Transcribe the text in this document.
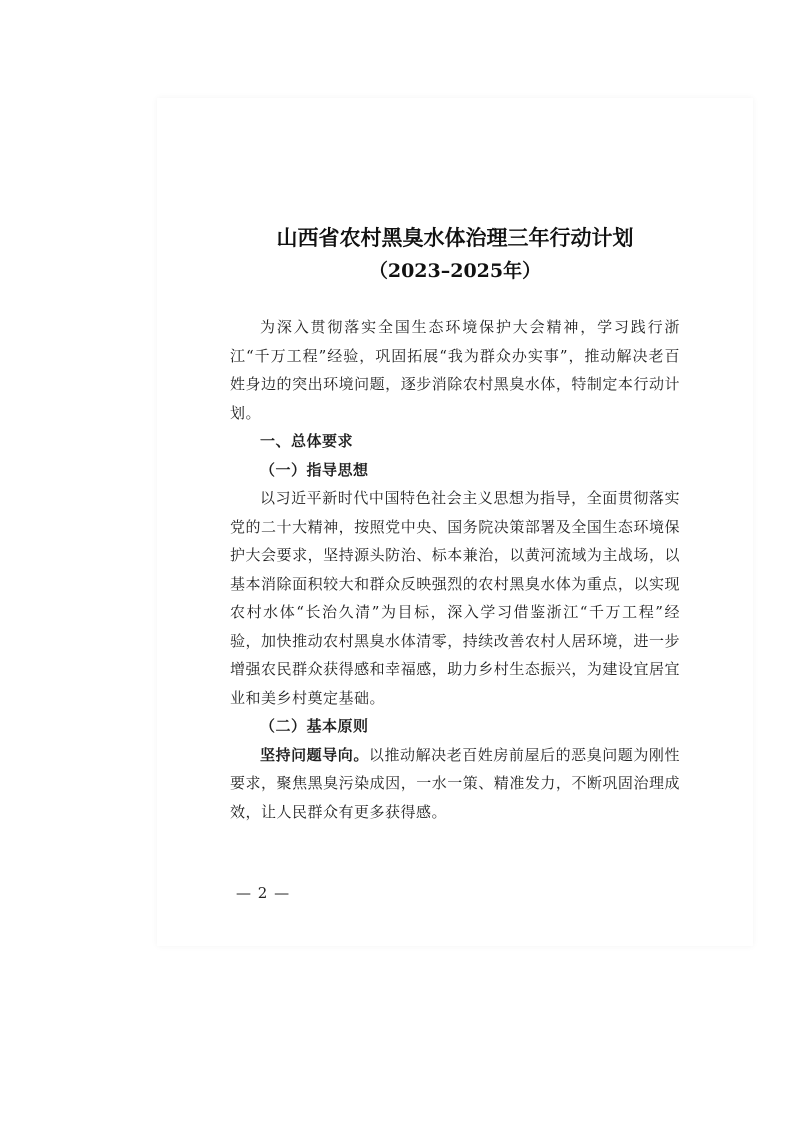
山西省农村黑臭水体治理三年行动计划
（2023–2025年）

为深入贯彻落实全国生态环境保护大会精神，学习践行浙江“千万工程”经验，巩固拓展“我为群众办实事”，推动解决老百姓身边的突出环境问题，逐步消除农村黑臭水体，特制定本行动计划。

一、总体要求

（一）指导思想

以习近平新时代中国特色社会主义思想为指导，全面贯彻落实党的二十大精神，按照党中央、国务院决策部署及全国生态环境保护大会要求，坚持源头防治、标本兼治，以黄河流域为主战场，以基本消除面积较大和群众反映强烈的农村黑臭水体为重点，以实现农村水体“长治久清”为目标，深入学习借鉴浙江“千万工程”经验，加快推动农村黑臭水体清零，持续改善农村人居环境，进一步增强农民群众获得感和幸福感，助力乡村生态振兴，为建设宜居宜业和美乡村奠定基础。

（二）基本原则

坚持问题导向。以推动解决老百姓房前屋后的恶臭问题为刚性要求，聚焦黑臭污染成因，一水一策、精准发力，不断巩固治理成效，让人民群众有更多获得感。

— 2 —
